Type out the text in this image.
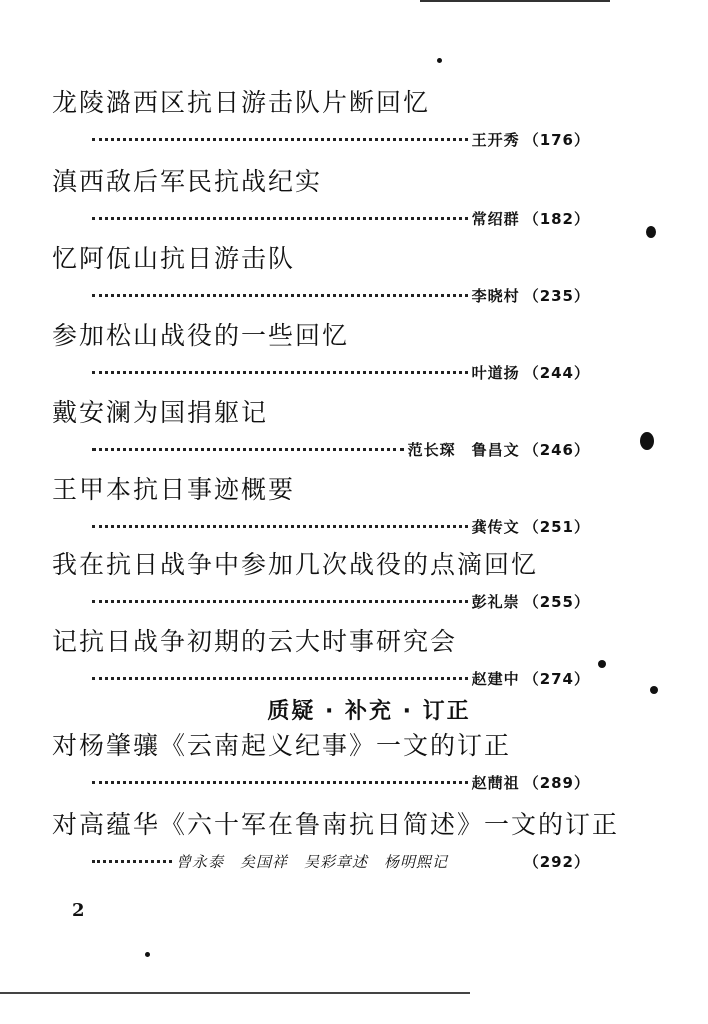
龙陵潞西区抗日游击队片断回忆
王开秀 （176）
滇西敌后军民抗战纪实
常绍群 （182）
忆阿佤山抗日游击队
李晓村 （235）
参加松山战役的一些回忆
叶道扬 （244）
戴安澜为国捐躯记
范长琛　鲁昌文 （246）
王甲本抗日事迹概要
龚传文 （251）
我在抗日战争中参加几次战役的点滴回忆
彭礼崇 （255）
记抗日战争初期的云大时事研究会
赵建中 （274）
质疑 · 补充 · 订正
对杨肇骧《云南起义纪事》一文的订正
赵蔄祖 （289）
对高蕴华《六十军在鲁南抗日简述》一文的订正
曾永泰　矣国祥　吴彩章述　杨明熙记	（292）
2
